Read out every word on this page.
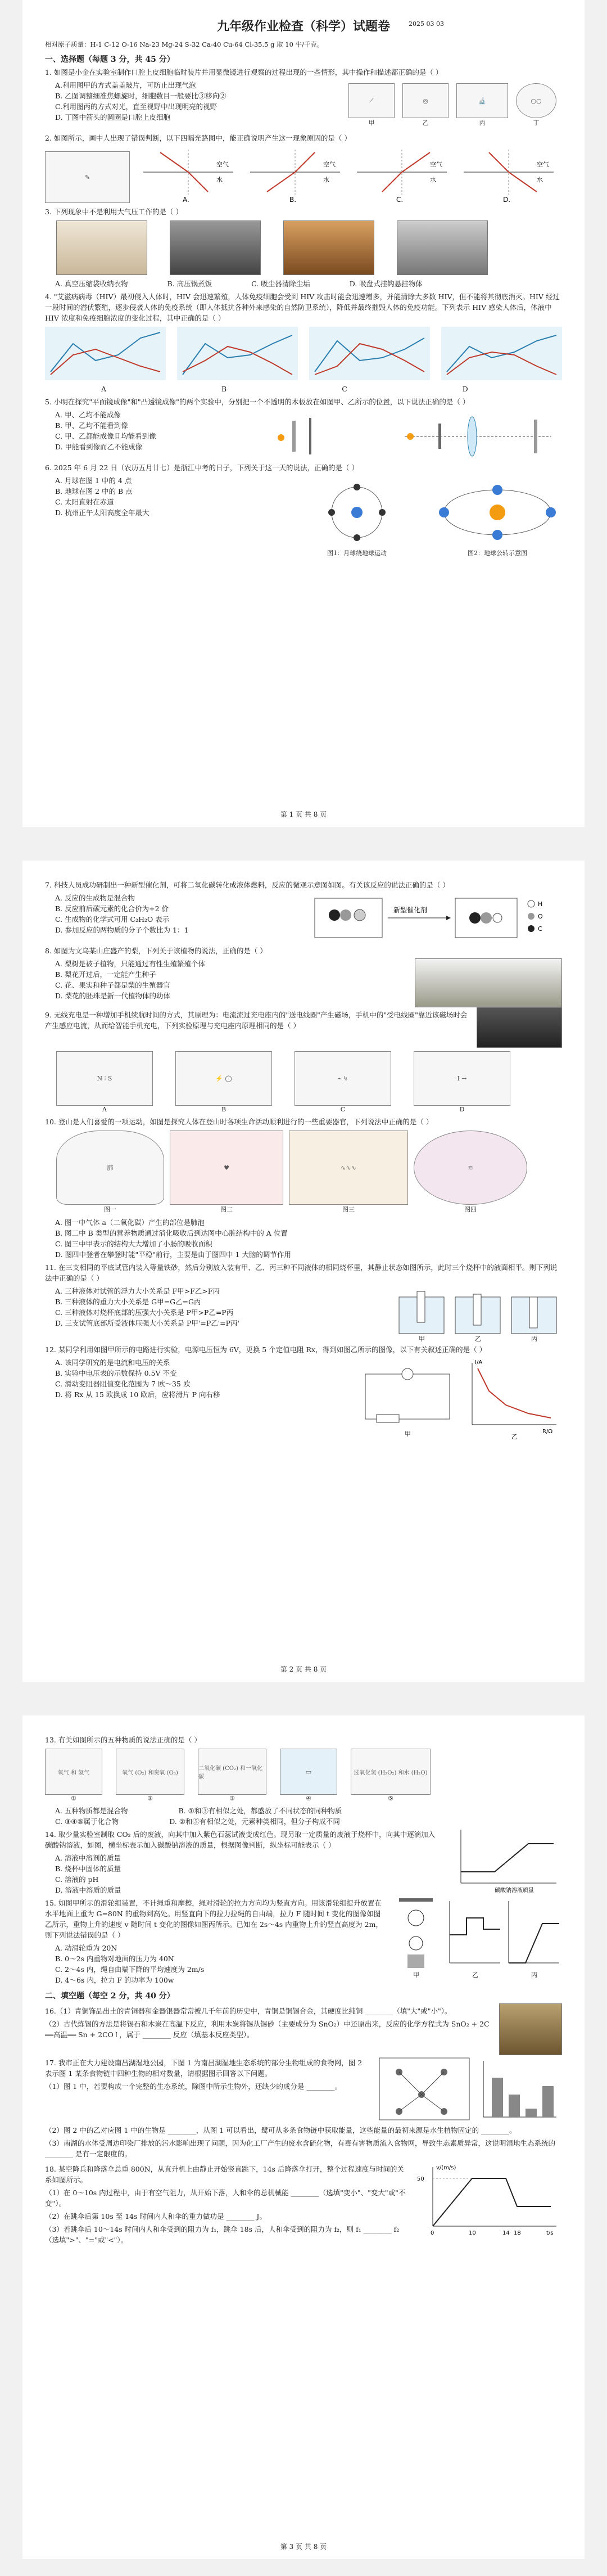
九年级作业检查（科学）试题卷	2025 03 03
相对原子质量：H-1 C-12 O-16 Na-23 Mg-24 S-32 Ca-40 Cu-64 Cl-35.5 g 取 10 牛/千克。
一、选择题（每题 3 分，共 45 分）
1. 如图是小金在实验室制作口腔上皮细胞临时装片并用显微镜进行观察的过程出现的一些情形，其中操作和描述都正确的是（ ）
A.利用图甲的方式盖盖玻片，可防止出现气泡
B. 乙图调整细准焦螺旋时，细胞数目一般要比③移向②
C.利用图丙的方式对光，直至视野中出现明亮的视野
D. 丁图中箭头的圆圈是口腔上皮细胞
⟋
甲
◎
乙
🔬
丙
○○
丁
2. 如图所示，画中人出现了错误判断，以下四幅光路图中，能正确说明产生这一现象原因的是（ ）
✎
空气
水
A.
空气
水
B.
空气
水
C.
空气
水
D.
3. 下列现象中不是利用大气压工作的是（ ）
A. 真空压缩袋收纳衣物	B. 高压锅煮饭	C. 吸尘器清除尘垢	D. 吸盘式挂钩悬挂物体
4. "艾滋病病毒（HIV）最初侵入人体时，HIV 会迅速繁殖，人体免疫细胞会受到 HIV 攻击时能会迅速增多，并能清除大多数 HIV，但不能将其彻底消灭。HIV 经过一段时间的潜伏繁殖，逐步侵袭人体的免疫系统（即人体抵抗各种外来感染的自然防卫系统），降低并最终摧毁人体的免疫功能。下列表示 HIV 感染人体后，体液中 HIV 浓度和免疫细胞浓度的变化过程，其中正确的是（ ）
A	B	C	D
5. 小明在探究"平面镜成像"和"凸透镜成像"的两个实验中，分别把一个不透明的木板放在如图甲、乙所示的位置，以下说法正确的是（ ）
A. 甲、乙均不能成像
B. 甲、乙均不能看到像
C. 甲、乙都能成像且均能看到像
D. 甲能看到像而乙不能成像
6. 2025 年 6 月 22 日（农历五月廿七）是浙江中考的日子，下列关于这一天的说法，正确的是（ ）
A. 月球在图 1 中的 4 点
B. 地球在图 2 中的 B 点
C. 太阳直射在赤道
D. 杭州正午太阳高度全年最大
图1：月球绕地球运动	图2：地球公转示意图
第 1 页 共 8 页
7. 科技人员成功研制出一种新型催化剂，可将二氧化碳转化成液体燃料，反应的微观示意图如图。有关该反应的说法正确的是（ ）
A. 反应的生成物是混合物
B. 反应前后碳元素的化合价为+2 价
C. 生成物的化学式可用 C₂H₂O 表示
D. 参加反应的两物质的分子个数比为 1：1
新型催化剂
H
O
C
8. 如图为文乌某山庄盛产的梨，下列关于该植物的说法，正确的是（ ）
A. 梨树是被子植物，只能通过有性生殖繁殖个体
B. 梨花开过后，一定能产生种子
C. 花、果实和种子都是梨的生殖器官
D. 梨花的胚珠是新一代植物体的幼体
9. 无线充电是一种增加手机续航时间的方式，其原理为：电流流过充电座内的"送电线圈"产生磁场，手机中的"受电线圈"靠近该磁场时会产生感应电流，从而给智能手机充电，下列实验原理与充电座内原理相同的是（ ）
N ⫶ S
A
⚡ ◯
B
⌁ ↯
C
I →
D
10. 登山是人们喜爱的一项运动，如图是探究人体在登山时各项生命活动顺利进行的一些重要器官，下列说法中正确的是（ ）
肺
图一
♥
图二
∿∿∿
图三
≋
图四
A. 图一中气体 a（二氧化碳）产生的部位是肺泡
B. 图二中 B 类型的营养物质通过消化吸收后到达图中心脏结构中的 A 位置
C. 图三中甲表示的结构大大增加了小肠的吸收面积
D. 图四中登者在攀登时能"平稳"前行，主要是由于图四中 1 大脑的调节作用
11. 在三支相同的平底试管内装入等量铁砂，然后分别放入装有甲、乙、丙三种不同液体的相同烧杯里，其静止状态如图所示，此时三个烧杯中的液面相平。则下列说法中正确的是（ ）
A. 三种液体对试管的浮力大小关系是 F甲>F乙>F丙
B. 三种液体的重力大小关系是 G甲=G乙=G丙
C. 三种液体对烧杯底部的压强大小关系是 P甲>P乙=P丙
D. 三支试管底部所受液体压强大小关系是 P甲'=P乙'=P丙'
甲	乙	丙
12. 某同学利用如图甲所示的电路进行实验，电源电压恒为 6V，更换 5 个定值电阻 Rx，得到如图乙所示的图像，以下有关叙述正确的是（ ）
A. 该同学研究的是电流和电压的关系
B. 实验中电压表的示数保持 0.5V 不变
C. 滑动变阻器阻值变化范围为 7 欧～35 欧
D. 将 Rx 从 15 欧换成 10 欧后，应将滑片 P 向右移
甲
I/A
R/Ω
乙
第 2 页 共 8 页
13. 有关如图所示的五种物质的说法正确的是（ ）
氧气 和 氢气
①
氧气 (O₂) 和臭氧 (O₃)
②
二氧化碳 (CO₂) 和一氧化碳
③
▭
④
过氧化氢 (H₂O₂) 和水 (H₂O)
⑤
A. 五种物质都是混合物	B. ①和③有相似之处，都盛放了不同状态的同种物质
C. ③④⑤属于化合物	D. ②和⑤有相似之处，元素种类相同，但分子构成不同
14. 取少量实验室制取 CO₂ 后的废液，向其中加入紫色石蕊试液变成红色。现另取一定质量的废液于烧杯中，向其中逐滴加入碳酸钠溶液，如图，横坐标表示加入碳酸钠溶液的质量，根据图像判断，纵坐标可能表示（ ）
A. 溶液中溶剂的质量
B. 烧杯中固体的质量
C. 溶液的 pH
D. 溶液中溶质的质量	碳酸钠溶液质量
15. 如图甲所示的滑轮组装置，不计绳重和摩擦，绳对滑轮的拉力方向均为竖直方向。用该滑轮组提升放置在水平地面上重为 G=80N 的重物到高处。用竖直向下的拉力拉绳的自由端，拉力 F 随时间 t 变化的图像如图乙所示，重物上升的速度 v 随时间 t 变化的图像如图丙所示。已知在 2s～4s 内重物上升的竖直高度为 2m，则下列说法错误的是（ ）
A. 动滑轮重为 20N
B. 0～2s 内重物对地面的压力为 40N
C. 2～4s 内，绳自由端下降的平均速度为 2m/s
D. 4～6s 内，拉力 F 的功率为 100w
甲	乙	丙
二、填空题（每空 2 分，共 40 分）
16.（1）青铜饰品出土的青铜器和金器银器常常被几千年前的历史中，青铜是铜锡合金，其硬度比纯铜 ________（填"大"或"小"）。
（2）古代炼锡的方法是将锡石和木炭在高温下反应，利用木炭将锡从锡砂（主要成分为 SnO₂）中还原出来，反应的化学方程式为 SnO₂ + 2C ══高温══ Sn + 2CO↑，属于 ________ 反应（填基本反应类型）。
17. 我市正在大力建设南昌湖湿地公园，下图 1 为南昌湖湿地生态系统的部分生物组成的食物网，图 2 表示图 1 某条食物链中四种生物的相对数量，请根据图示回答以下问题。
（1）图 1 中，若要构成一个完整的生态系统，除图中所示生物外，还缺少的成分是 ________。
（2）图 2 中的乙对应图 1 中的生物是 ________，从图 1 可以看出，鹭可从多条食物链中获取能量，这些能量的最初来源是水生植物固定的 ________。
（3）南湖的水体受周边印染厂排放的污水影响出现了问题，因为化工厂产生的废水含硫化物，有毒有害物质流入食物网，导致生态素质异常，这说明湿地生态系统的 ________ 是有一定限度的。
18. 某空降兵和降落伞总重 800N，从直升机上由静止开始竖直跳下，14s 后降落伞打开，整个过程速度与时间的关系如图所示。
（1）在 0～10s 内过程中，由于有空气阻力，从开始下落，人和伞的总机械能 ________（选填"变小"、"变大"或"不变"）。
（2）在跳伞后第 10s 至 14s 时间内人和伞的重力做功是 ________ J。
（3）若跳伞后 10～14s 时间内人和伞受到的阻力为 f₁，跳伞 18s 后，人和伞受到的阻力为 f₂，则 f₁ ________ f₂（选填">"、"="或"<"）。
50
0	10	14 18
v/(m/s)
t/s
第 3 页 共 8 页
